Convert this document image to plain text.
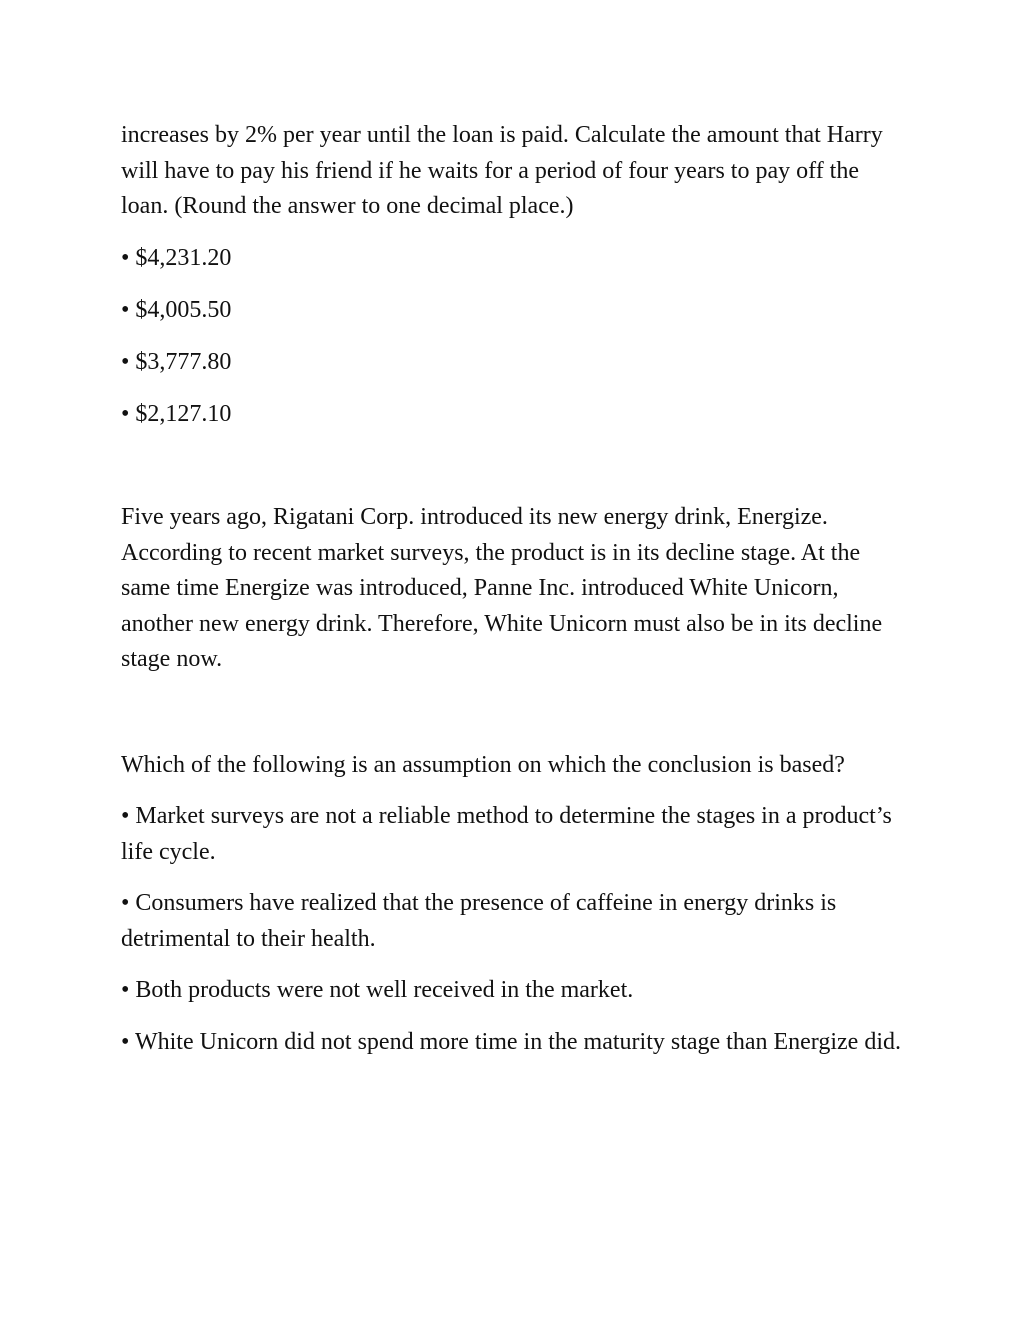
increases by 2% per year until the loan is paid. Calculate the amount that Harry will have to pay his friend if he waits for a period of four years to pay off the loan. (Round the answer to one decimal place.)

• $4,231.20

• $4,005.50

• $3,777.80

• $2,127.10

Five years ago, Rigatani Corp. introduced its new energy drink, Energize. According to recent market surveys, the product is in its decline stage. At the same time Energize was introduced, Panne Inc. introduced White Unicorn, another new energy drink. Therefore, White Unicorn must also be in its decline stage now.

Which of the following is an assumption on which the conclusion is based?

• Market surveys are not a reliable method to determine the stages in a product’s life cycle.

• Consumers have realized that the presence of caffeine in energy drinks is detrimental to their health.

• Both products were not well received in the market.

• White Unicorn did not spend more time in the maturity stage than Energize did.
